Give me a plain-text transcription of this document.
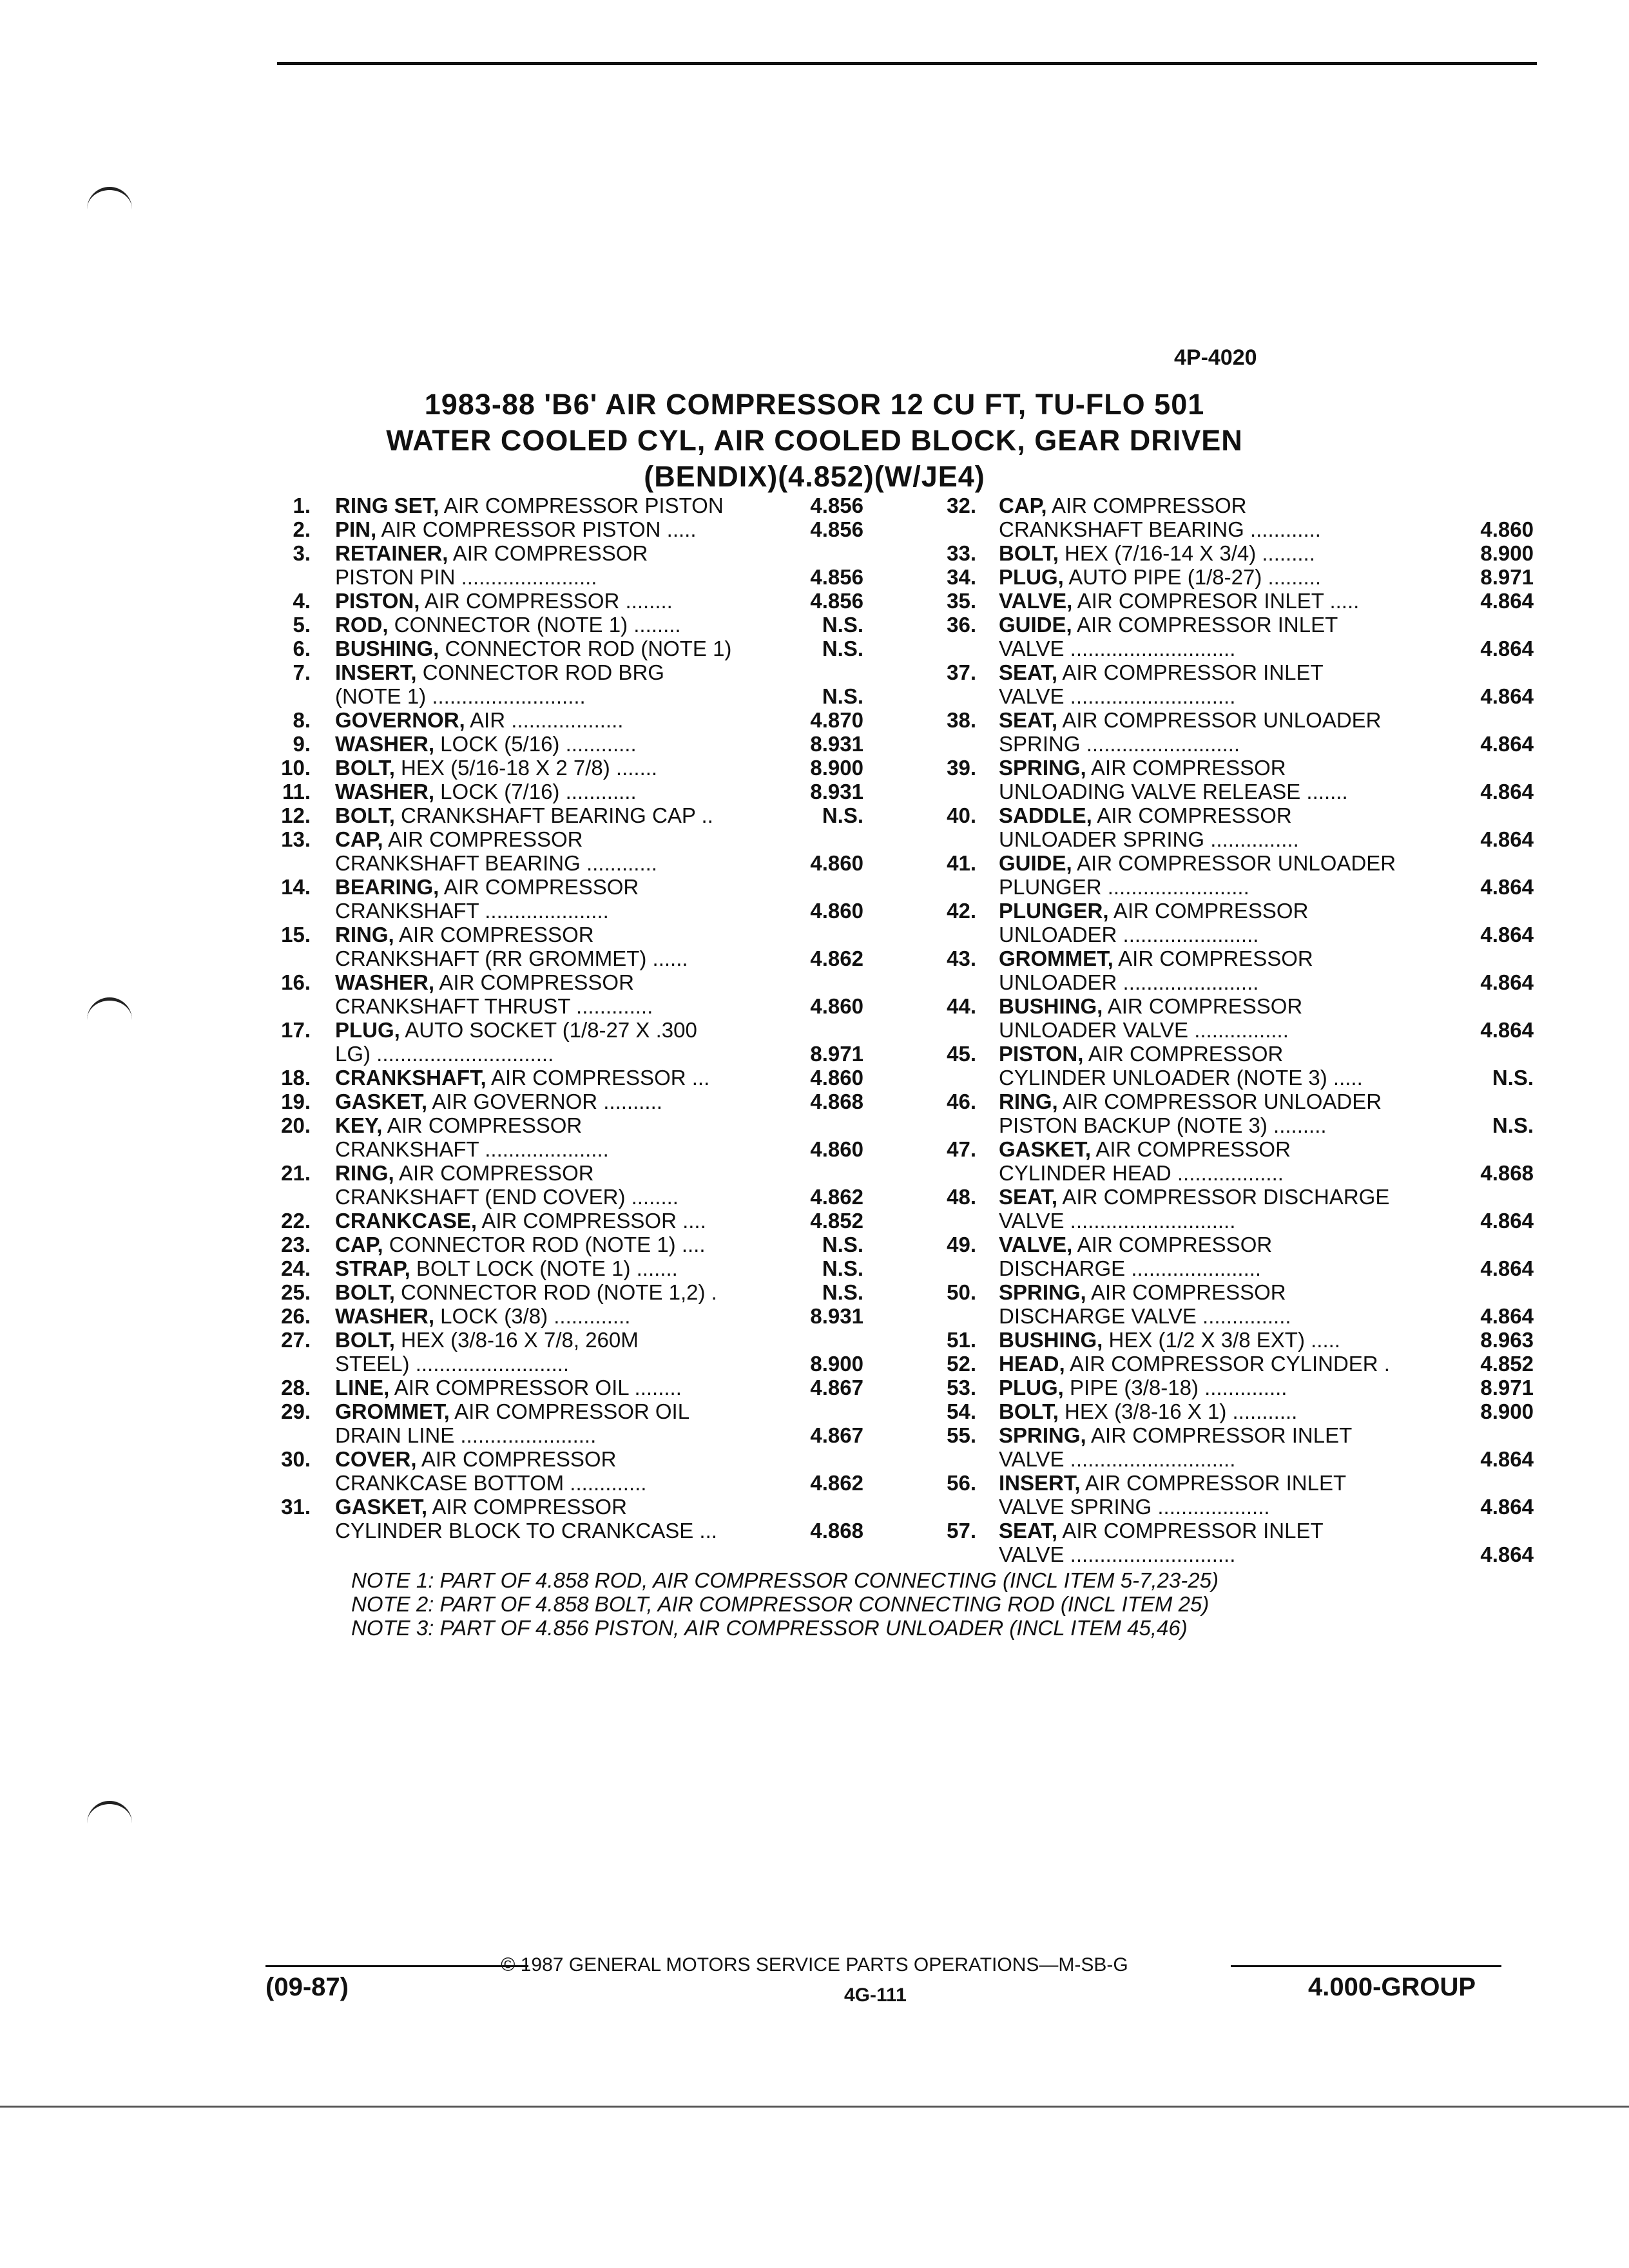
4P-4020
1983-88 'B6' AIR COMPRESSOR 12 CU FT, TU-FLO 501
WATER COOLED CYL, AIR COOLED BLOCK, GEAR DRIVEN
(BENDIX)(4.852)(W/JE4)
1. RING SET, AIR COMPRESSOR PISTON	4.856
2. PIN, AIR COMPRESSOR PISTON .....	4.856
3. RETAINER, AIR COMPRESSOR
PISTON PIN .......................	4.856
4. PISTON, AIR COMPRESSOR ........	4.856
5. ROD, CONNECTOR (NOTE 1) ........	N.S.
6. BUSHING, CONNECTOR ROD (NOTE 1)	N.S.
7. INSERT, CONNECTOR ROD BRG
(NOTE 1) ..........................	N.S.
8. GOVERNOR, AIR ...................	4.870
9. WASHER, LOCK (5/16) ............	8.931
10. BOLT, HEX (5/16-18 X 2 7/8) .......	8.900
11. WASHER, LOCK (7/16) ............	8.931
12. BOLT, CRANKSHAFT BEARING CAP ..	N.S.
13. CAP, AIR COMPRESSOR
CRANKSHAFT BEARING ............	4.860
14. BEARING, AIR COMPRESSOR
CRANKSHAFT .....................	4.860
15. RING, AIR COMPRESSOR
CRANKSHAFT (RR GROMMET) ......	4.862
16. WASHER, AIR COMPRESSOR
CRANKSHAFT THRUST .............	4.860
17. PLUG, AUTO SOCKET (1/8-27 X .300
LG) ..............................	8.971
18. CRANKSHAFT, AIR COMPRESSOR ...	4.860
19. GASKET, AIR GOVERNOR ..........	4.868
20. KEY, AIR COMPRESSOR
CRANKSHAFT .....................	4.860
21. RING, AIR COMPRESSOR
CRANKSHAFT (END COVER) ........	4.862
22. CRANKCASE, AIR COMPRESSOR ....	4.852
23. CAP, CONNECTOR ROD (NOTE 1) ....	N.S.
24. STRAP, BOLT LOCK (NOTE 1) .......	N.S.
25. BOLT, CONNECTOR ROD (NOTE 1,2) .	N.S.
26. WASHER, LOCK (3/8) .............	8.931
27. BOLT, HEX (3/8-16 X 7/8, 260M
STEEL) ..........................	8.900
28. LINE, AIR COMPRESSOR OIL ........	4.867
29. GROMMET, AIR COMPRESSOR OIL
DRAIN LINE .......................	4.867
30. COVER, AIR COMPRESSOR
CRANKCASE BOTTOM .............	4.862
31. GASKET, AIR COMPRESSOR
CYLINDER BLOCK TO CRANKCASE ...	4.868
32. CAP, AIR COMPRESSOR
CRANKSHAFT BEARING ............	4.860
33. BOLT, HEX (7/16-14 X 3/4) .........	8.900
34. PLUG, AUTO PIPE (1/8-27) .........	8.971
35. VALVE, AIR COMPRESOR INLET .....	4.864
36. GUIDE, AIR COMPRESSOR INLET
VALVE ............................	4.864
37. SEAT, AIR COMPRESSOR INLET
VALVE ............................	4.864
38. SEAT, AIR COMPRESSOR UNLOADER
SPRING ..........................	4.864
39. SPRING, AIR COMPRESSOR
UNLOADING VALVE RELEASE .......	4.864
40. SADDLE, AIR COMPRESSOR
UNLOADER SPRING ...............	4.864
41. GUIDE, AIR COMPRESSOR UNLOADER
PLUNGER ........................	4.864
42. PLUNGER, AIR COMPRESSOR
UNLOADER .......................	4.864
43. GROMMET, AIR COMPRESSOR
UNLOADER .......................	4.864
44. BUSHING, AIR COMPRESSOR
UNLOADER VALVE ................	4.864
45. PISTON, AIR COMPRESSOR
CYLINDER UNLOADER (NOTE 3) .....	N.S.
46. RING, AIR COMPRESSOR UNLOADER
PISTON BACKUP (NOTE 3) .........	N.S.
47. GASKET, AIR COMPRESSOR
CYLINDER HEAD ..................	4.868
48. SEAT, AIR COMPRESSOR DISCHARGE
VALVE ............................	4.864
49. VALVE, AIR COMPRESSOR
DISCHARGE ......................	4.864
50. SPRING, AIR COMPRESSOR
DISCHARGE VALVE ...............	4.864
51. BUSHING, HEX (1/2 X 3/8 EXT) .....	8.963
52. HEAD, AIR COMPRESSOR CYLINDER .	4.852
53. PLUG, PIPE (3/8-18) ..............	8.971
54. BOLT, HEX (3/8-16 X 1) ...........	8.900
55. SPRING, AIR COMPRESSOR INLET
VALVE ............................	4.864
56. INSERT, AIR COMPRESSOR INLET
VALVE SPRING ...................	4.864
57. SEAT, AIR COMPRESSOR INLET
VALVE ............................	4.864
NOTE 1: PART OF 4.858 ROD, AIR COMPRESSOR CONNECTING (INCL ITEM 5-7,23-25)
NOTE 2: PART OF 4.858 BOLT, AIR COMPRESSOR CONNECTING ROD (INCL ITEM 25)
NOTE 3: PART OF 4.856 PISTON, AIR COMPRESSOR UNLOADER (INCL ITEM 45,46)
© 1987 GENERAL MOTORS SERVICE PARTS OPERATIONS—M-SB-G
(09-87)	4G-111	4.000-GROUP
